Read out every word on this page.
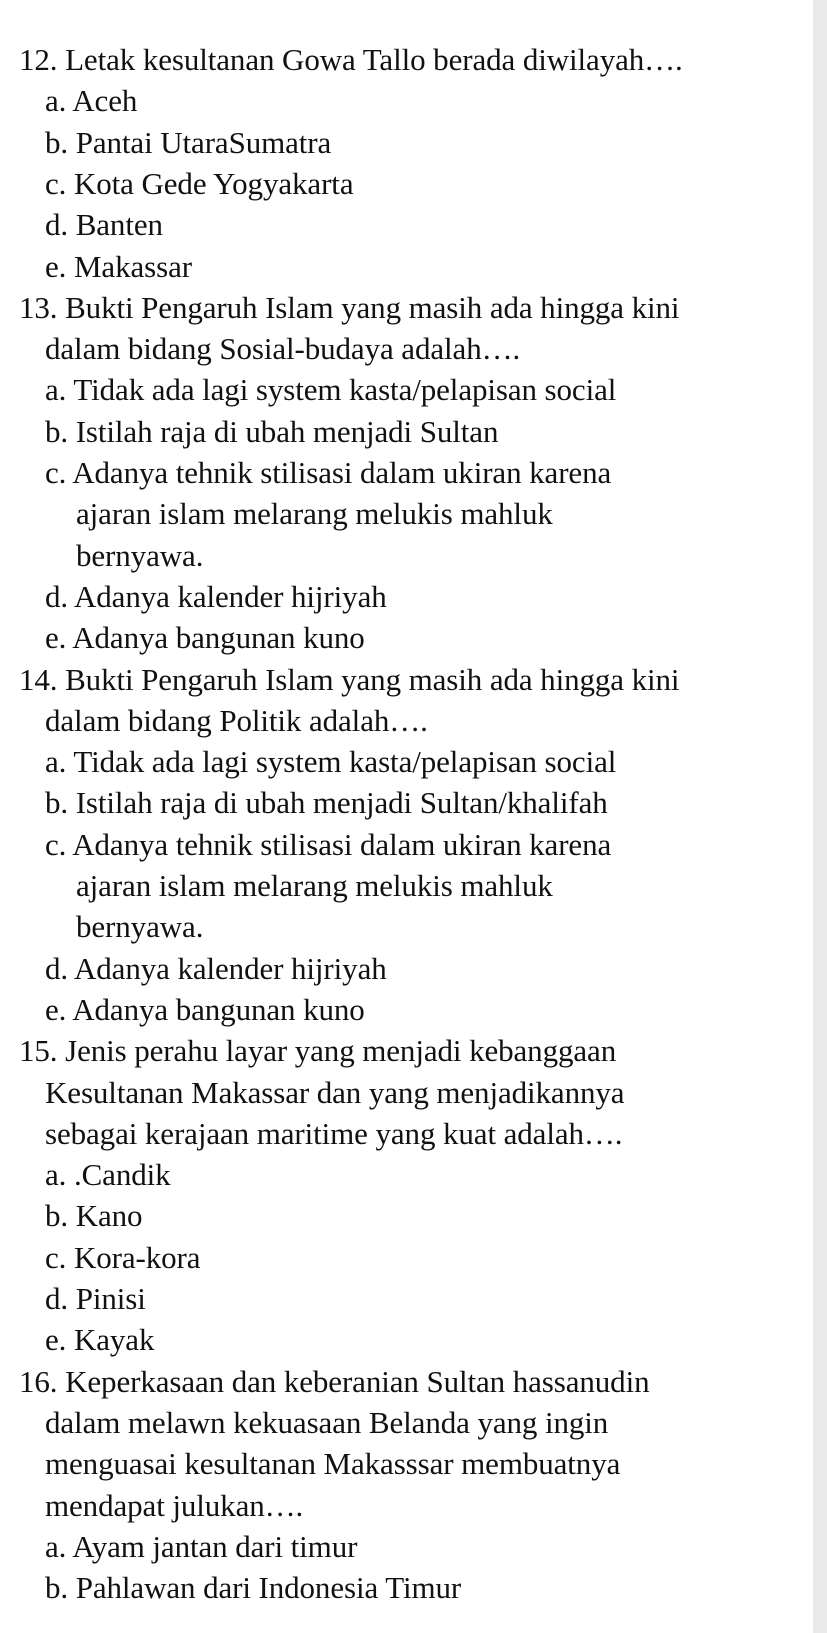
12. Letak kesultanan Gowa Tallo berada diwilayah….
a. Aceh
b. Pantai UtaraSumatra
c. Kota Gede Yogyakarta
d. Banten
e. Makassar
13. Bukti Pengaruh Islam yang masih ada hingga kini
dalam bidang Sosial-budaya adalah….
a. Tidak ada lagi system kasta/pelapisan social
b. Istilah raja di ubah menjadi Sultan
c. Adanya tehnik stilisasi dalam ukiran karena
ajaran islam melarang melukis mahluk
bernyawa.
d. Adanya kalender hijriyah
e. Adanya bangunan kuno
14. Bukti Pengaruh Islam yang masih ada hingga kini
dalam bidang Politik adalah….
a. Tidak ada lagi system kasta/pelapisan social
b. Istilah raja di ubah menjadi Sultan/khalifah
c. Adanya tehnik stilisasi dalam ukiran karena
ajaran islam melarang melukis mahluk
bernyawa.
d. Adanya kalender hijriyah
e. Adanya bangunan kuno
15. Jenis perahu layar yang menjadi kebanggaan
Kesultanan Makassar dan yang menjadikannya
sebagai kerajaan maritime yang kuat adalah….
a. .Candik
b. Kano
c. Kora-kora
d. Pinisi
e. Kayak
16. Keperkasaan dan keberanian Sultan hassanudin
dalam melawn kekuasaan Belanda yang ingin
menguasai kesultanan Makasssar membuatnya
mendapat julukan….
a. Ayam jantan dari timur
b. Pahlawan dari Indonesia Timur
